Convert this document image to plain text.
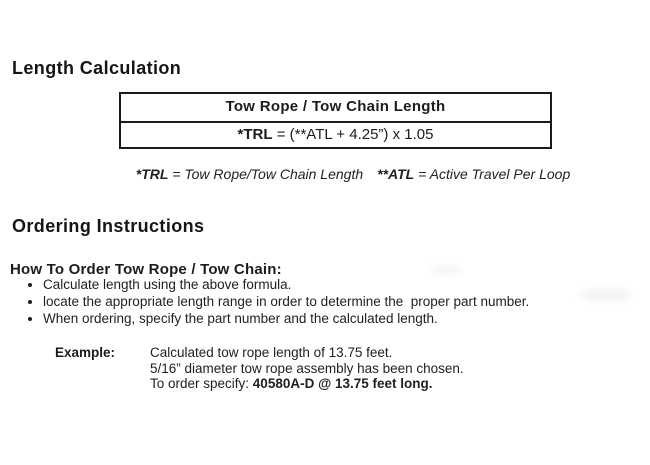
Length Calculation
Tow Rope / Tow Chain Length
*TRL = (**ATL + 4.25”) x 1.05
*TRL = Tow Rope/Tow Chain Length **ATL = Active Travel Per Loop
Ordering Instructions
How To Order Tow Rope / Tow Chain:
• Calculate length using the above formula.
• locate the appropriate length range in order to determine the  proper part number.
• When ordering, specify the part number and the calculated length.
Example:	Calculated tow rope length of 13.75 feet.
5/16” diameter tow rope assembly has been chosen.
To order specify: 40580A-D @ 13.75 feet long.
